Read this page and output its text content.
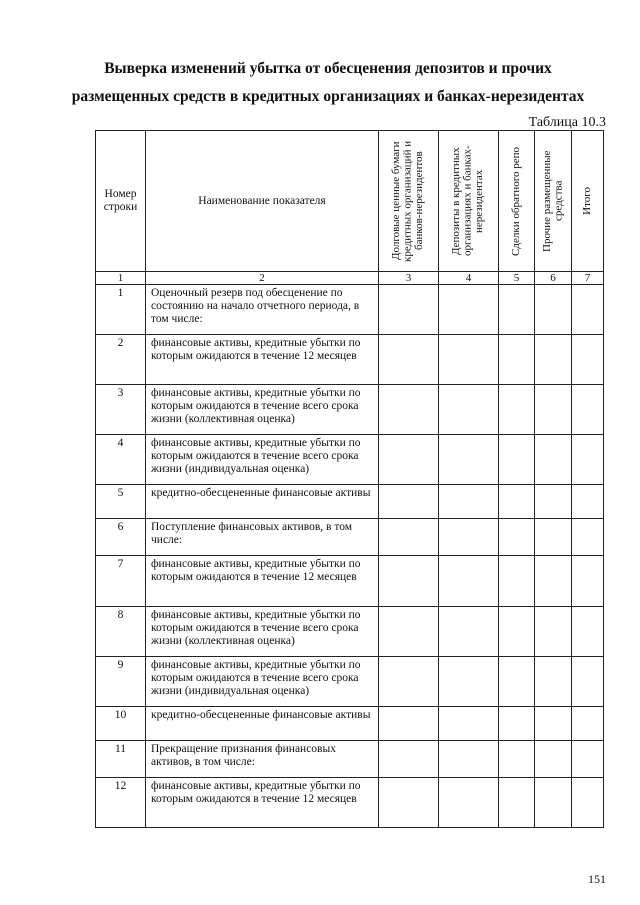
Выверка изменений убытка от обесценения депозитов и прочих
размещенных средств в кредитных организациях и банках-нерезидентах
Таблица 10.3
Номер строки	Наименование показателя	Долговые ценные бумаги кредитных организаций и банков-нерезидентов	Депозиты в кредитных организациях и банках-нерезидентах	Сделки обратного репо	Прочие размещенные средства	Итого

1	2	3	4	5	6	7
1	Оценочный резерв под обесценение по состоянию на начало отчетного периода, в том числе:					
2	финансовые активы, кредитные убытки по которым ожидаются в течение 12 месяцев					
3	финансовые активы, кредитные убытки по которым ожидаются в течение всего срока жизни (коллективная оценка)					
4	финансовые активы, кредитные убытки по которым ожидаются в течение всего срока жизни (индивидуальная оценка)					
5	кредитно-обесцененные финансовые активы					
6	Поступление финансовых активов, в том числе:					
7	финансовые активы, кредитные убытки по которым ожидаются в течение 12 месяцев					
8	финансовые активы, кредитные убытки по которым ожидаются в течение всего срока жизни (коллективная оценка)					
9	финансовые активы, кредитные убытки по которым ожидаются в течение всего срока жизни (индивидуальная оценка)					
10	кредитно-обесцененные финансовые активы					
11	Прекращение признания финансовых активов, в том числе:					
12	финансовые активы, кредитные убытки по которым ожидаются в течение 12 месяцев					
151
